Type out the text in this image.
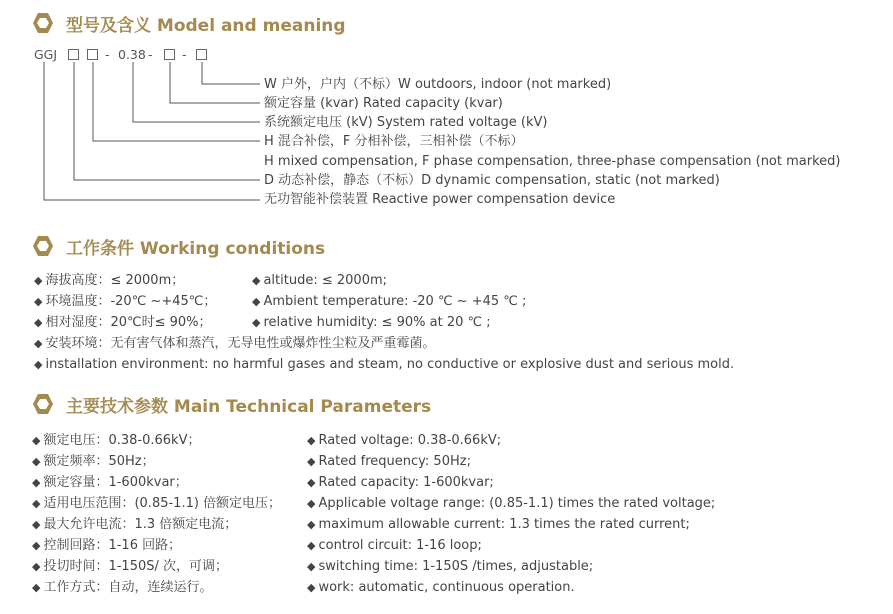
型号及含义 Model and meaning
GGJ	- 0.38 - -
W 户外，户内（不标）W outdoors, indoor (not marked)
额定容量 (kvar) Rated capacity (kvar)
系统额定电压 (kV) System rated voltage (kV)
H 混合补偿，F 分相补偿，三相补偿（不标）
H mixed compensation, F phase compensation, three-phase compensation (not marked)
D 动态补偿，静态（不标）D dynamic compensation, static (not marked)
无功智能补偿装置 Reactive power compensation device
工作条件 Working conditions
◆ 海拔高度：≤ 2000m；	◆ altitude: ≤ 2000m;
◆ 环境温度：-20℃ ~+45℃；	◆ Ambient temperature: -20 ℃ ~ +45 ℃ ;
◆ 相对湿度：20℃时≤ 90%；	◆ relative humidity: ≤ 90% at 20 ℃ ;
◆ 安装环境：无有害气体和蒸汽，无导电性或爆炸性尘粒及严重霉菌。
◆ installation environment: no harmful gases and steam, no conductive or explosive dust and serious mold.
主要技术参数 Main Technical Parameters
◆ 额定电压：0.38-0.66kV；	◆ Rated voltage: 0.38-0.66kV;
◆ 额定频率：50Hz；	◆ Rated frequency: 50Hz;
◆ 额定容量：1-600kvar；	◆ Rated capacity: 1-600kvar;
◆ 适用电压范围：(0.85-1.1) 倍额定电压； ◆ Applicable voltage range: (0.85-1.1) times the rated voltage;
◆ 最大允许电流：1.3 倍额定电流；	◆ maximum allowable current: 1.3 times the rated current;
◆ 控制回路：1-16 回路；	◆ control circuit: 1-16 loop;
◆ 投切时间：1-150S/ 次，可调；	◆ switching time: 1-150S /times, adjustable;
◆ 工作方式：自动，连续运行。	◆ work: automatic, continuous operation.
